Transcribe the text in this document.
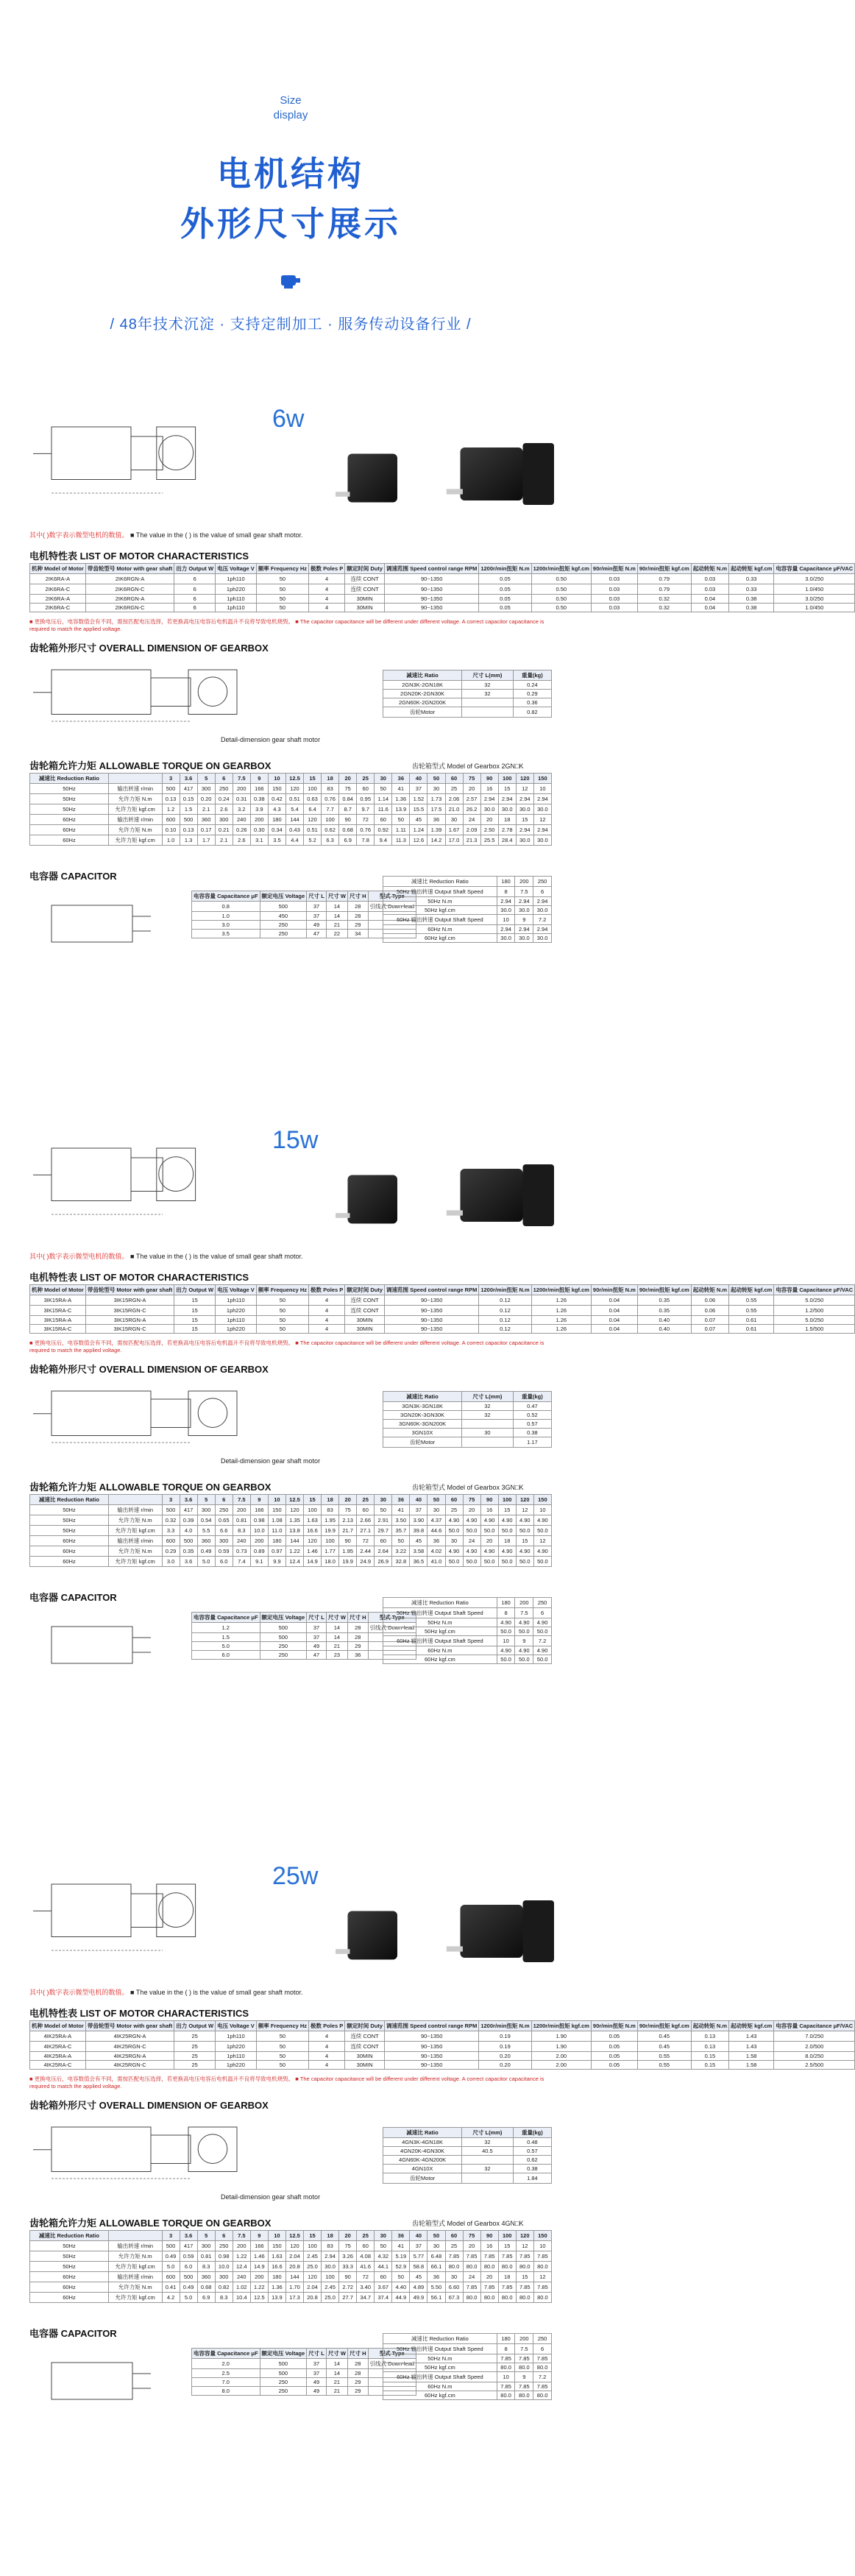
Size
display
电机结构
外形尺寸展示
/ 48年技术沉淀 · 支持定制加工 · 服务传动设备行业 /
6w
其中( )数字表示微型电机的数值。 ■ The value in the ( ) is the value of small gear shaft motor.
电机特性表 LIST OF MOTOR CHARACTERISTICS
机种 Model of Motor	带齿轮型号 Motor with gear shaft	出力 Output W	电压 Voltage V	频率 Frequency Hz	极数 Poles P	额定时间 Duty	调速范围 Speed control range RPM	1200r/min扭矩 N.m	1200r/min扭矩 kgf.cm	90r/min扭矩 N.m	90r/min扭矩 kgf.cm	起动转矩 N.m	起动转矩 kgf.cm	电容容量 Capacitance μF/VAC
2IK6RA-A	2IK6RGN-A	6	1ph110	50	4	连续 CONT	90~1350	0.05	0.50	0.03	0.79	0.03	0.33	3.0/250
2IK6RA-C	2IK6RGN-C	6	1ph220	50	4	连续 CONT	90~1350	0.05	0.50	0.03	0.79	0.03	0.33	1.0/450
2IK6RA-A	2IK6RGN-A	6	1ph110	50	4	30MIN	90~1350	0.05	0.50	0.03	0.32	0.04	0.38	3.0/250
2IK6RA-C	2IK6RGN-C	6	1ph110	50	4	30MIN	90~1350	0.05	0.50	0.03	0.32	0.04	0.38	1.0/450
■ 更换电压后，电容数值会有不同，需按匹配电压选择，若更换高电压电容后电机温升不良将导致电机烧毁。 ■ The capacitor capacitance will be different under different voltage. A correct capacitor capacitance is required to match the applied voltage.
齿轮箱外形尺寸 OVERALL DIMENSION OF GEARBOX
Detail-dimension gear shaft motor
减速比 Ratio	尺寸 L(mm)	重量(kg)
2GN3K-2GN18K	32	0.24
2GN20K-2GN30K	32	0.29
2GN60K-2GN200K		0.36
齿轮Motor		0.82
齿轮箱允许力矩 ALLOWABLE TORQUE ON GEARBOX	齿轮箱型式 Model of Gearbox 2GN□K
减速比 Reduction Ratio		3	3.6	5	6	7.5	9	10	12.5	15	18	20	25	30	36	40	50	60	75	90	100	120	150
50Hz	输出转速 r/min	500	417	300	250	200	166	150	120	100	83	75	60	50	41	37	30	25	20	16	15	12	10
50Hz	允许力矩 N.m	0.13	0.15	0.20	0.24	0.31	0.38	0.42	0.51	0.63	0.76	0.84	0.95	1.14	1.36	1.52	1.73	2.06	2.57	2.94	2.94	2.94	2.94
50Hz	允许力矩 kgf.cm	1.2	1.5	2.1	2.6	3.2	3.9	4.3	5.4	6.4	7.7	8.7	9.7	11.6	13.9	15.5	17.5	21.0	26.2	30.0	30.0	30.0	30.0
60Hz	输出转速 r/min	600	500	360	300	240	200	180	144	120	100	90	72	60	50	45	36	30	24	20	18	15	12
60Hz	允许力矩 N.m	0.10	0.13	0.17	0.21	0.26	0.30	0.34	0.43	0.51	0.62	0.68	0.76	0.92	1.11	1.24	1.39	1.67	2.09	2.50	2.78	2.94	2.94
60Hz	允许力矩 kgf.cm	1.0	1.3	1.7	2.1	2.6	3.1	3.5	4.4	5.2	6.3	6.9	7.8	9.4	11.3	12.6	14.2	17.0	21.3	25.5	28.4	30.0	30.0
电容器 CAPACITOR
电容容量 Capacitance μF	额定电压 Voltage	尺寸 L	尺寸 W	尺寸 H	型式 Type
0.8	500	37	14	28	引线式 Down-lead
1.0	450	37	14	28	
3.0	250	49	21	29	
3.5	250	47	22	34	
减速比 Reduction Ratio	180	200	250
50Hz 输出转速 Output Shaft Speed	8	7.5	6
50Hz N.m	2.94	2.94	2.94
50Hz kgf.cm	30.0	30.0	30.0
60Hz 输出转速 Output Shaft Speed	10	9	7.2
60Hz N.m	2.94	2.94	2.94
60Hz kgf.cm	30.0	30.0	30.0
15w
其中( )数字表示微型电机的数值。 ■ The value in the ( ) is the value of small gear shaft motor.
电机特性表 LIST OF MOTOR CHARACTERISTICS
机种 Model of Motor	带齿轮型号 Motor with gear shaft	出力 Output W	电压 Voltage V	频率 Frequency Hz	极数 Poles P	额定时间 Duty	调速范围 Speed control range RPM	1200r/min扭矩 N.m	1200r/min扭矩 kgf.cm	90r/min扭矩 N.m	90r/min扭矩 kgf.cm	起动转矩 N.m	起动转矩 kgf.cm	电容容量 Capacitance μF/VAC
3IK15RA-A	3IK15RGN-A	15	1ph110	50	4	连续 CONT	90~1350	0.12	1.26	0.04	0.35	0.06	0.55	5.0/250
3IK15RA-C	3IK15RGN-C	15	1ph220	50	4	连续 CONT	90~1350	0.12	1.26	0.04	0.35	0.06	0.55	1.2/500
3IK15RA-A	3IK15RGN-A	15	1ph110	50	4	30MIN	90~1350	0.12	1.26	0.04	0.40	0.07	0.61	5.0/250
3IK15RA-C	3IK15RGN-C	15	1ph220	50	4	30MIN	90~1350	0.12	1.26	0.04	0.40	0.07	0.61	1.5/500
■ 更换电压后，电容数值会有不同，需按匹配电压选择，若更换高电压电容后电机温升不良将导致电机烧毁。 ■ The capacitor capacitance will be different under different voltage. A correct capacitor capacitance is required to match the applied voltage.
齿轮箱外形尺寸 OVERALL DIMENSION OF GEARBOX
Detail-dimension gear shaft motor
减速比 Ratio	尺寸 L(mm)	重量(kg)
3GN3K-3GN18K	32	0.47
3GN20K-3GN30K	32	0.52
3GN60K-3GN200K		0.57
3GN10X	30	0.38
齿轮Motor		1.17
齿轮箱允许力矩 ALLOWABLE TORQUE ON GEARBOX	齿轮箱型式 Model of Gearbox 3GN□K
减速比 Reduction Ratio		3	3.6	5	6	7.5	9	10	12.5	15	18	20	25	30	36	40	50	60	75	90	100	120	150
50Hz	输出转速 r/min	500	417	300	250	200	166	150	120	100	83	75	60	50	41	37	30	25	20	16	15	12	10
50Hz	允许力矩 N.m	0.32	0.39	0.54	0.65	0.81	0.98	1.08	1.35	1.63	1.95	2.13	2.66	2.91	3.50	3.90	4.37	4.90	4.90	4.90	4.90	4.90	4.90
50Hz	允许力矩 kgf.cm	3.3	4.0	5.5	6.6	8.3	10.0	11.0	13.8	16.6	19.9	21.7	27.1	29.7	35.7	39.8	44.6	50.0	50.0	50.0	50.0	50.0	50.0
60Hz	输出转速 r/min	600	500	360	300	240	200	180	144	120	100	90	72	60	50	45	36	30	24	20	18	15	12
60Hz	允许力矩 N.m	0.29	0.35	0.49	0.59	0.73	0.89	0.97	1.22	1.46	1.77	1.95	2.44	2.64	3.22	3.58	4.02	4.90	4.90	4.90	4.90	4.90	4.90
60Hz	允许力矩 kgf.cm	3.0	3.6	5.0	6.0	7.4	9.1	9.9	12.4	14.9	18.0	19.9	24.9	26.9	32.8	36.5	41.0	50.0	50.0	50.0	50.0	50.0	50.0
电容器 CAPACITOR
电容容量 Capacitance μF	额定电压 Voltage	尺寸 L	尺寸 W	尺寸 H	型式 Type
1.2	500	37	14	28	引线式 Down-lead
1.5	500	37	14	28	
5.0	250	49	21	29	
6.0	250	47	23	36	
减速比 Reduction Ratio	180	200	250
50Hz 输出转速 Output Shaft Speed	8	7.5	6
50Hz N.m	4.90	4.90	4.90
50Hz kgf.cm	50.0	50.0	50.0
60Hz 输出转速 Output Shaft Speed	10	9	7.2
60Hz N.m	4.90	4.90	4.90
60Hz kgf.cm	50.0	50.0	50.0
25w
其中( )数字表示微型电机的数值。 ■ The value in the ( ) is the value of small gear shaft motor.
电机特性表 LIST OF MOTOR CHARACTERISTICS
机种 Model of Motor	带齿轮型号 Motor with gear shaft	出力 Output W	电压 Voltage V	频率 Frequency Hz	极数 Poles P	额定时间 Duty	调速范围 Speed control range RPM	1200r/min扭矩 N.m	1200r/min扭矩 kgf.cm	90r/min扭矩 N.m	90r/min扭矩 kgf.cm	起动转矩 N.m	起动转矩 kgf.cm	电容容量 Capacitance μF/VAC
4IK25RA-A	4IK25RGN-A	25	1ph110	50	4	连续 CONT	90~1350	0.19	1.90	0.05	0.45	0.13	1.43	7.0/250
4IK25RA-C	4IK25RGN-C	25	1ph220	50	4	连续 CONT	90~1350	0.19	1.90	0.05	0.45	0.13	1.43	2.0/500
4IK25RA-A	4IK25RGN-A	25	1ph110	50	4	30MIN	90~1350	0.20	2.00	0.05	0.55	0.15	1.58	8.0/250
4IK25RA-C	4IK25RGN-C	25	1ph220	50	4	30MIN	90~1350	0.20	2.00	0.05	0.55	0.15	1.58	2.5/500
■ 更换电压后，电容数值会有不同，需按匹配电压选择，若更换高电压电容后电机温升不良将导致电机烧毁。 ■ The capacitor capacitance will be different under different voltage. A correct capacitor capacitance is required to match the applied voltage.
齿轮箱外形尺寸 OVERALL DIMENSION OF GEARBOX
Detail-dimension gear shaft motor
减速比 Ratio	尺寸 L(mm)	重量(kg)
4GN3K-4GN18K	32	0.48
4GN20K-4GN30K	40.5	0.57
4GN60K-4GN200K		0.62
4GN10X	32	0.38
齿轮Motor		1.84
齿轮箱允许力矩 ALLOWABLE TORQUE ON GEARBOX	齿轮箱型式 Model of Gearbox 4GN□K
减速比 Reduction Ratio		3	3.6	5	6	7.5	9	10	12.5	15	18	20	25	30	36	40	50	60	75	90	100	120	150
50Hz	输出转速 r/min	500	417	300	250	200	166	150	120	100	83	75	60	50	41	37	30	25	20	16	15	12	10
50Hz	允许力矩 N.m	0.49	0.59	0.81	0.98	1.22	1.46	1.63	2.04	2.45	2.94	3.26	4.08	4.32	5.19	5.77	6.48	7.85	7.85	7.85	7.85	7.85	7.85
50Hz	允许力矩 kgf.cm	5.0	6.0	8.3	10.0	12.4	14.9	16.6	20.8	25.0	30.0	33.3	41.6	44.1	52.9	58.8	66.1	80.0	80.0	80.0	80.0	80.0	80.0
60Hz	输出转速 r/min	600	500	360	300	240	200	180	144	120	100	90	72	60	50	45	36	30	24	20	18	15	12
60Hz	允许力矩 N.m	0.41	0.49	0.68	0.82	1.02	1.22	1.36	1.70	2.04	2.45	2.72	3.40	3.67	4.40	4.89	5.50	6.60	7.85	7.85	7.85	7.85	7.85
60Hz	允许力矩 kgf.cm	4.2	5.0	6.9	8.3	10.4	12.5	13.9	17.3	20.8	25.0	27.7	34.7	37.4	44.9	49.9	56.1	67.3	80.0	80.0	80.0	80.0	80.0
电容器 CAPACITOR
电容容量 Capacitance μF	额定电压 Voltage	尺寸 L	尺寸 W	尺寸 H	型式 Type
2.0	500	37	14	28	引线式 Down-lead
2.5	500	37	14	28	
7.0	250	49	21	29	
8.0	250	49	21	29	
减速比 Reduction Ratio	180	200	250
50Hz 输出转速 Output Shaft Speed	8	7.5	6
50Hz N.m	7.85	7.85	7.85
50Hz kgf.cm	80.0	80.0	80.0
60Hz 输出转速 Output Shaft Speed	10	9	7.2
60Hz N.m	7.85	7.85	7.85
60Hz kgf.cm	80.0	80.0	80.0
